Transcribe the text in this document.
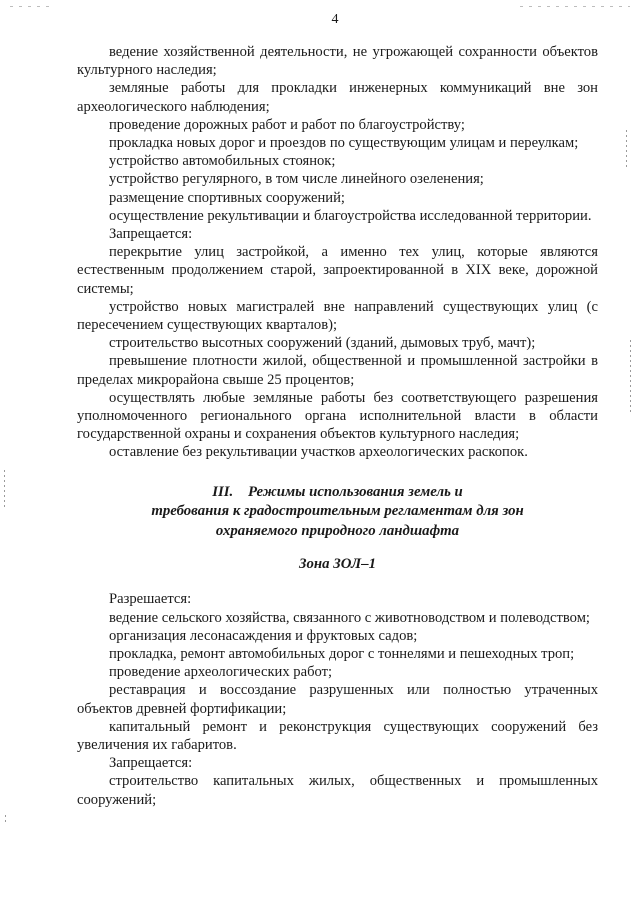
4

ведение хозяйственной деятельности, не угрожающей сохранности объектов культурного наследия;

земляные работы для прокладки инженерных коммуникаций вне зон археологического наблюдения;

проведение дорожных работ и работ по благоустройству;

прокладка новых дорог и проездов по существующим улицам и переулкам;

устройство автомобильных стоянок;

устройство регулярного, в том числе линейного озеленения;

размещение спортивных сооружений;

осуществление рекультивации и благоустройства исследованной территории.

Запрещается:

перекрытие улиц застройкой, а именно тех улиц, которые являются естественным продолжением старой, запроектированной в XIX веке, дорожной системы;

устройство новых магистралей вне направлений существующих улиц (с пересечением существующих кварталов);

строительство высотных сооружений (зданий, дымовых труб, мачт);

превышение плотности жилой, общественной и промышленной застройки в пределах микрорайона свыше 25 процентов;

осуществлять любые земляные работы без соответствующего разрешения уполномоченного регионального органа исполнительной власти в области государственной охраны и сохранения объектов культурного наследия;

оставление без рекультивации участков археологических раскопок.

III.    Режимы использования земель и

требования к градостроительным регламентам для зон

охраняемого природного ландшафта

Зона ЗОЛ–1

Разрешается:

ведение сельского хозяйства, связанного с животноводством и полеводством;

организация лесонасаждения и фруктовых садов;

прокладка, ремонт автомобильных дорог с тоннелями и пешеходных троп;

проведение археологических работ;

реставрация и воссоздание разрушенных или полностью утраченных объектов древней фортификации;

капитальный ремонт и реконструкция существующих сооружений без увеличения их габаритов.

Запрещается:

строительство капитальных жилых, общественных и промышленных сооружений;
